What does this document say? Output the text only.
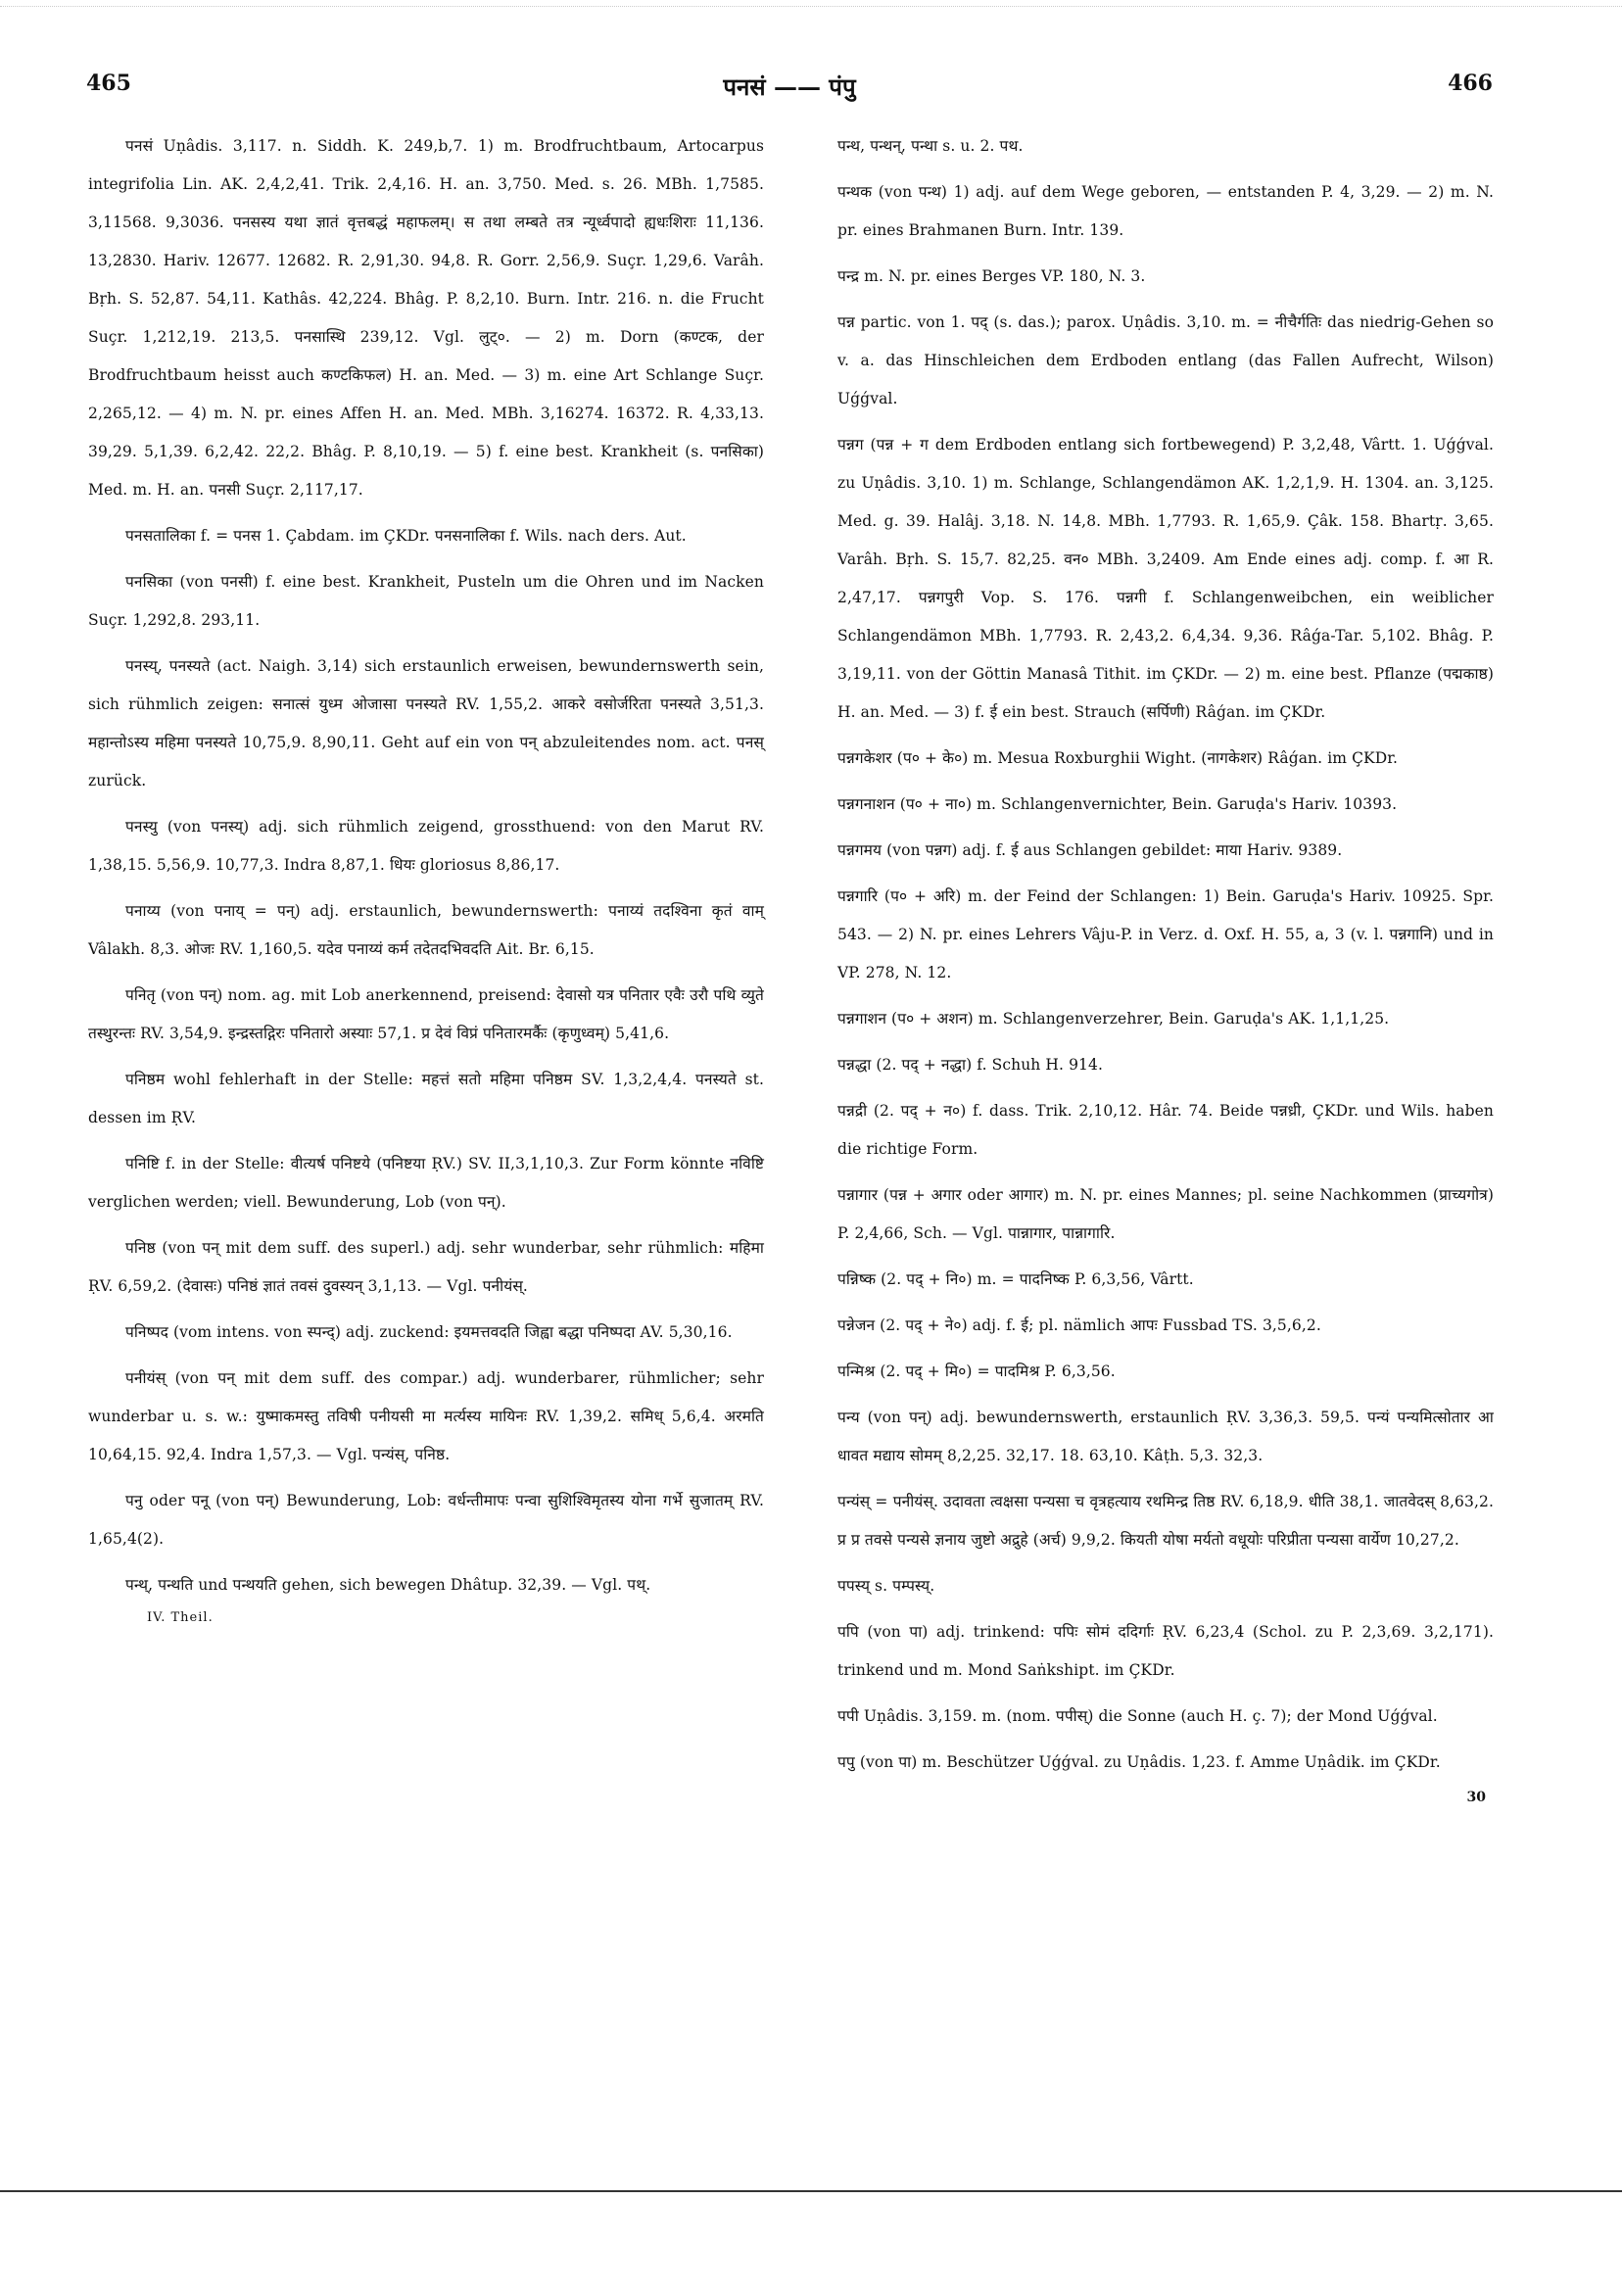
465	पनसं —— पंपु	466

पनसं Uṇâdis. 3,117. n. Siddh. K. 249,b,7. 1) m. Brodfruchtbaum, Artocarpus integrifolia Lin. AK. 2,4,2,41. Trik. 2,4,16. H. an. 3,750. Med. s. 26. MBh. 1,7585. 3,11568. 9,3036. पनसस्य यथा ज्ञातं वृत्तबद्धं महाफलम्। स तथा लम्बते तत्र न्यूर्ध्वपादो ह्यधःशिराः 11,136. 13,2830. Hariv. 12677. 12682. R. 2,91,30. 94,8. R. Gorr. 2,56,9. Suçr. 1,29,6. Varâh. Bṛh. S. 52,87. 54,11. Kathâs. 42,224. Bhâg. P. 8,2,10. Burn. Intr. 216. n. die Frucht Suçr. 1,212,19. 213,5. पनसास्थि 239,12. Vgl. लुट्०. — 2) m. Dorn (कण्टक, der Brodfruchtbaum heisst auch कण्टकिफल) H. an. Med. — 3) m. eine Art Schlange Suçr. 2,265,12. — 4) m. N. pr. eines Affen H. an. Med. MBh. 3,16274. 16372. R. 4,33,13. 39,29. 5,1,39. 6,2,42. 22,2. Bhâg. P. 8,10,19. — 5) f. eine best. Krankheit (s. पनसिका) Med. m. H. an. पनसी Suçr. 2,117,17.

पनसतालिका f. = पनस 1. Çabdam. im ÇKDr. पनसनालिका f. Wils. nach ders. Aut.

पनसिका (von पनसी) f. eine best. Krankheit, Pusteln um die Ohren und im Nacken Suçr. 1,292,8. 293,11.

पनस्य्, पनस्यते (act. Naigh. 3,14) sich erstaunlich erweisen, bewundernswerth sein, sich rühmlich zeigen: सनात्सं युध्म ओजासा पनस्यते RV. 1,55,2. आकरे वसोर्जरिता पनस्यते 3,51,3. महान्तोऽस्य महिमा पनस्यते 10,75,9. 8,90,11. Geht auf ein von पन् abzuleitendes nom. act. पनस् zurück.

पनस्यु (von पनस्य्) adj. sich rühmlich zeigend, grossthuend: von den Marut RV. 1,38,15. 5,56,9. 10,77,3. Indra 8,87,1. धियः gloriosus 8,86,17.

पनाय्य (von पनाय् = पन्) adj. erstaunlich, bewundernswerth: पनाय्यं तदश्विना कृतं वाम् Vâlakh. 8,3. ओजः RV. 1,160,5. यदेव पनाय्यं कर्म तदेतदभिवदति Ait. Br. 6,15.

पनितृ (von पन्) nom. ag. mit Lob anerkennend, preisend: देवासो यत्र पनितार एवैः उरौ पथि व्युते तस्थुरन्तः RV. 3,54,9. इन्द्रस्तद्गिरः पनितारो अस्याः 57,1. प्र देवं विप्रं पनितारमर्कैः (कृणुध्वम्) 5,41,6.

पनिष्ठम wohl fehlerhaft in der Stelle: महत्तं सतो महिमा पनिष्ठम SV. 1,3,2,4,4. पनस्यते st. dessen im ṚV.

पनिष्टि f. in der Stelle: वीत्यर्ष पनिष्टये (पनिष्टया ṚV.) SV. II,3,1,10,3. Zur Form könnte नविष्टि verglichen werden; viell. Bewunderung, Lob (von पन्).

पनिष्ठ (von पन् mit dem suff. des superl.) adj. sehr wunderbar, sehr rühmlich: महिमा ṚV. 6,59,2. (देवासः) पनिष्ठं ज्ञातं तवसं दुवस्यन् 3,1,13. — Vgl. पनीयंस्.

पनिष्पद (vom intens. von स्पन्द्) adj. zuckend: इयमत्तवदति जिह्वा बद्धा पनिष्पदा AV. 5,30,16.

पनीयंस् (von पन् mit dem suff. des compar.) adj. wunderbarer, rühmlicher; sehr wunderbar u. s. w.: युष्माकमस्तु तविषी पनीयसी मा मर्त्यस्य मायिनः RV. 1,39,2. समिध् 5,6,4. अरमति 10,64,15. 92,4. Indra 1,57,3. — Vgl. पन्यंस्, पनिष्ठ.

पनु oder पनू (von पन्) Bewunderung, Lob: वर्धन्तीमापः पन्वा सुशिश्विमृतस्य योना गर्भे सुजातम् RV. 1,65,4(2).

पन्थ्, पन्थति und पन्थयति gehen, sich bewegen Dhâtup. 32,39. — Vgl. पथ्.

IV. Theil.

पन्थ, पन्थन्, पन्था s. u. 2. पथ.

पन्थक (von पन्थ) 1) adj. auf dem Wege geboren, — entstanden P. 4, 3,29. — 2) m. N. pr. eines Brahmanen Burn. Intr. 139.

पन्द्र m. N. pr. eines Berges VP. 180, N. 3.

पन्न partic. von 1. पद् (s. das.); parox. Uṇâdis. 3,10. m. = नीचैर्गतिः das niedrig-Gehen so v. a. das Hinschleichen dem Erdboden entlang (das Fallen Aufrecht, Wilson) Uǵǵval.

पन्नग (पन्न + ग dem Erdboden entlang sich fortbewegend) P. 3,2,48, Vârtt. 1. Uǵǵval. zu Uṇâdis. 3,10. 1) m. Schlange, Schlangendämon AK. 1,2,1,9. H. 1304. an. 3,125. Med. g. 39. Halâj. 3,18. N. 14,8. MBh. 1,7793. R. 1,65,9. Çâk. 158. Bhartṛ. 3,65. Varâh. Bṛh. S. 15,7. 82,25. वन० MBh. 3,2409. Am Ende eines adj. comp. f. आ R. 2,47,17. पन्नगपुरी Vop. S. 176. पन्नगी f. Schlangenweibchen, ein weiblicher Schlangendämon MBh. 1,7793. R. 2,43,2. 6,4,34. 9,36. Râǵa-Tar. 5,102. Bhâg. P. 3,19,11. von der Göttin Manasâ Tithit. im ÇKDr. — 2) m. eine best. Pflanze (पद्मकाष्ठ) H. an. Med. — 3) f. ई ein best. Strauch (सर्पिणी) Râǵan. im ÇKDr.

पन्नगकेशर (प० + के०) m. Mesua Roxburghii Wight. (नागकेशर) Râǵan. im ÇKDr.

पन्नगनाशन (प० + ना०) m. Schlangenvernichter, Bein. Garuḍa's Hariv. 10393.

पन्नगमय (von पन्नग) adj. f. ई aus Schlangen gebildet: माया Hariv. 9389.

पन्नगारि (प० + अरि) m. der Feind der Schlangen: 1) Bein. Garuḍa's Hariv. 10925. Spr. 543. — 2) N. pr. eines Lehrers Vâju-P. in Verz. d. Oxf. H. 55, a, 3 (v. l. पन्नगानि) und in VP. 278, N. 12.

पन्नगाशन (प० + अशन) m. Schlangenverzehrer, Bein. Garuḍa's AK. 1,1,1,25.

पन्नद्धा (2. पद् + नद्धा) f. Schuh H. 914.

पन्नद्री (2. पद् + न०) f. dass. Trik. 2,10,12. Hâr. 74. Beide पन्नध्री, ÇKDr. und Wils. haben die richtige Form.

पन्नागार (पन्न + अगार oder आगार) m. N. pr. eines Mannes; pl. seine Nachkommen (प्राच्यगोत्र) P. 2,4,66, Sch. — Vgl. पान्नागार, पान्नागारि.

पन्निष्क (2. पद् + नि०) m. = पादनिष्क P. 6,3,56, Vârtt.

पन्नेजन (2. पद् + ने०) adj. f. ई; pl. nämlich आपः Fussbad TS. 3,5,6,2.

पन्मिश्र (2. पद् + मि०) = पादमिश्र P. 6,3,56.

पन्य (von पन्) adj. bewundernswerth, erstaunlich ṚV. 3,36,3. 59,5. पन्यं पन्यमित्सोतार आ धावत मद्याय सोमम् 8,2,25. 32,17. 18. 63,10. Kâṭh. 5,3. 32,3.

पन्यंस् = पनीयंस्. उदावता त्वक्षसा पन्यसा च वृत्रहत्याय रथमिन्द्र तिष्ठ RV. 6,18,9. धीति 38,1. जातवेदस् 8,63,2. प्र प्र तवसे पन्यसे ज्ञनाय जुष्टो अद्रुहे (अर्च) 9,9,2. कियती योषा मर्यतो वधूयोः परिप्रीता पन्यसा वार्येण 10,27,2.

पपस्य् s. पम्पस्य्.

पपि (von पा) adj. trinkend: पपिः सोमं ददिर्गाः ṚV. 6,23,4 (Schol. zu P. 2,3,69. 3,2,171). trinkend und m. Mond Saṅkshipt. im ÇKDr.

पपी Uṇâdis. 3,159. m. (nom. पपीस्) die Sonne (auch H. ç. 7); der Mond Uǵǵval.

पपु (von पा) m. Beschützer Uǵǵval. zu Uṇâdis. 1,23. f. Amme Uṇâdik. im ÇKDr.

30
